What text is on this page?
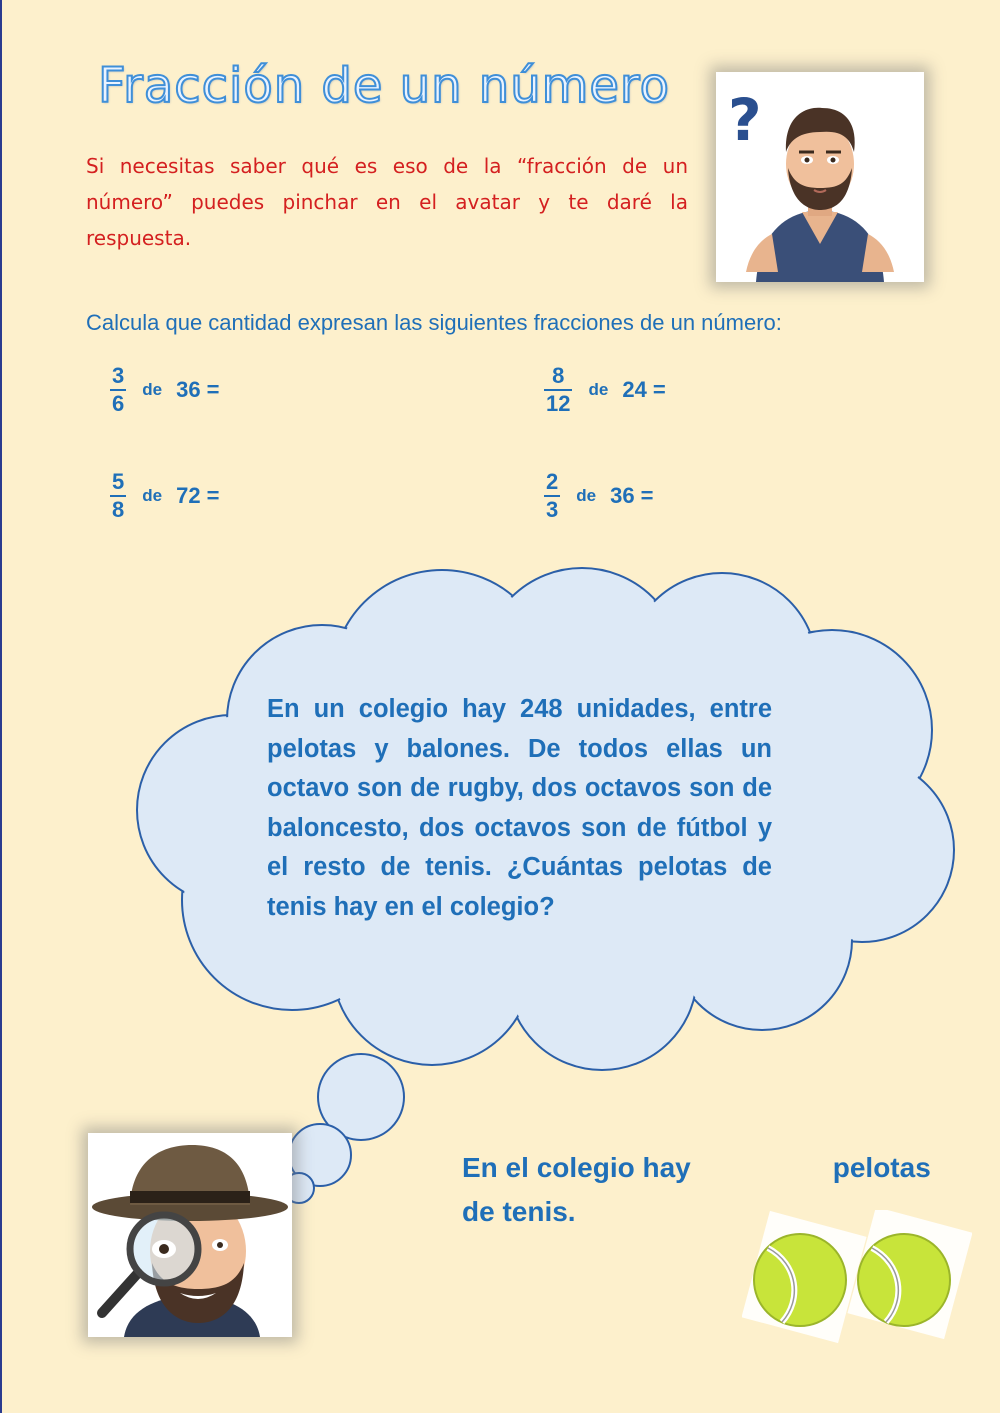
Fracción de un número

Si necesitas saber qué es eso de la “fracción de un número” puedes pinchar en el avatar y te daré la respuesta.

?

Calcula que cantidad expresan las siguientes fracciones de un número:

$\frac{3}{6}$ de 36 =	$\frac{8}{12}$ de 24 =
$\frac{5}{8}$ de 72 =	$\frac{2}{3}$ de 36 =

En un colegio hay 248 unidades, entre pelotas y balones. De todos ellas un octavo son de rugby, dos octavos son de baloncesto, dos octavos son de fútbol y el resto de tenis. ¿Cuántas pelotas de tenis hay en el colegio?

En el colegio hay	pelotas de tenis.
